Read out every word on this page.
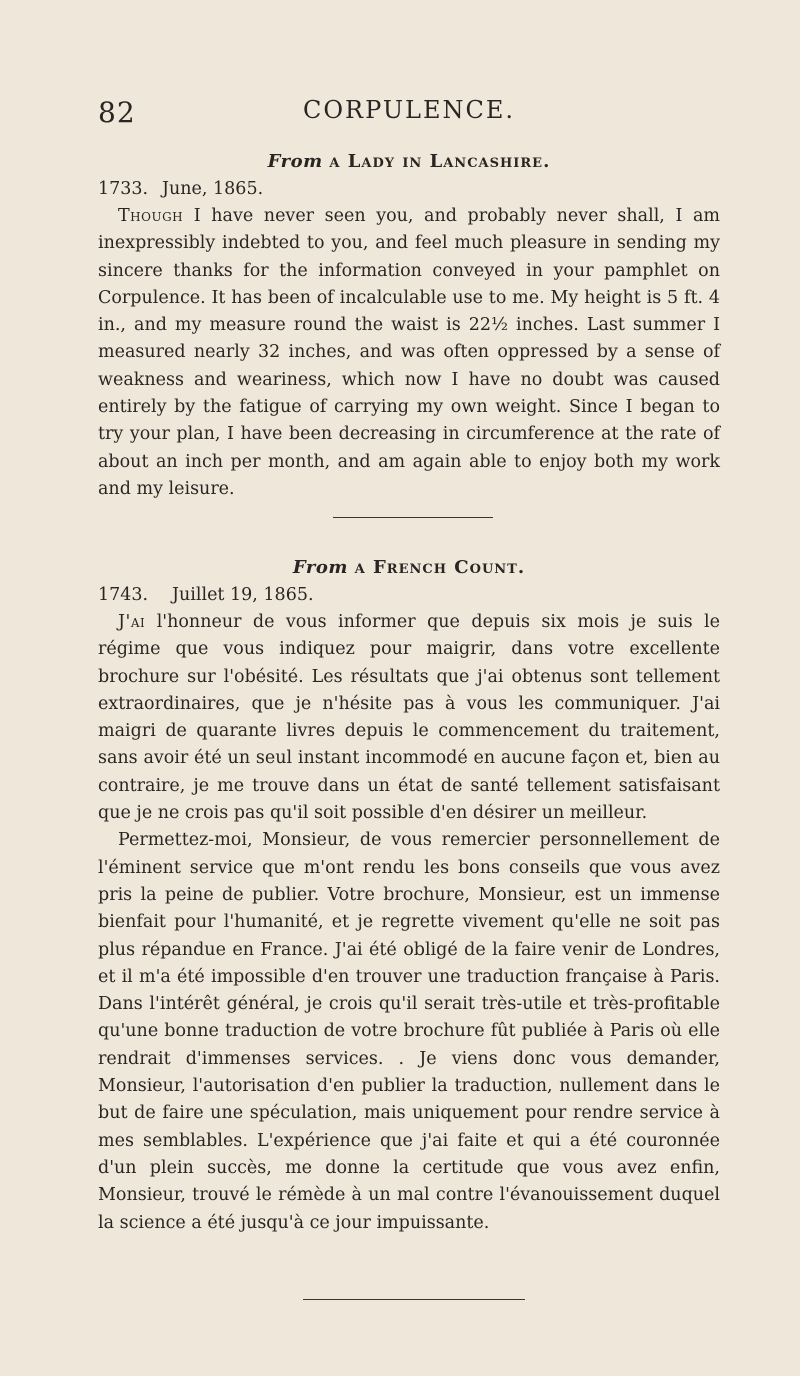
82	CORPULENCE.
From a Lady in Lancashire.

1733. June, 1865.

Though I have never seen you, and probably never shall, I am inexpressibly indebted to you, and feel much pleasure in sending my sincere thanks for the information conveyed in your pamphlet on Corpulence. It has been of incalculable use to me. My height is 5 ft. 4 in., and my measure round the waist is 22½ inches. Last summer I measured nearly 32 inches, and was often oppressed by a sense of weakness and weariness, which now I have no doubt was caused entirely by the fatigue of carrying my own weight. Since I began to try your plan, I have been decreasing in circumference at the rate of about an inch per month, and am again able to enjoy both my work and my leisure.

From a French Count.

1743. Juillet 19, 1865.

J'ai l'honneur de vous informer que depuis six mois je suis le régime que vous indiquez pour maigrir, dans votre excellente brochure sur l'obésité. Les résultats que j'ai obtenus sont tellement extraordinaires, que je n'hésite pas à vous les communiquer. J'ai maigri de quarante livres depuis le commencement du traitement, sans avoir été un seul instant incommodé en aucune façon et, bien au contraire, je me trouve dans un état de santé tellement satisfaisant que je ne crois pas qu'il soit possible d'en désirer un meilleur.

Permettez-moi, Monsieur, de vous remercier personnellement de l'éminent service que m'ont rendu les bons conseils que vous avez pris la peine de publier. Votre brochure, Monsieur, est un immense bienfait pour l'humanité, et je regrette vivement qu'elle ne soit pas plus répandue en France. J'ai été obligé de la faire venir de Londres, et il m'a été impossible d'en trouver une traduction française à Paris. Dans l'intérêt général, je crois qu'il serait très-utile et très-profitable qu'une bonne traduction de votre brochure fût publiée à Paris où elle rendrait d'immenses services. . Je viens donc vous demander, Monsieur, l'autorisation d'en publier la traduction, nullement dans le but de faire une spéculation, mais uniquement pour rendre service à mes semblables. L'expérience que j'ai faite et qui a été couronnée d'un plein succès, me donne la certitude que vous avez enfin, Monsieur, trouvé le rémède à un mal contre l'évanouissement duquel la science a été jusqu'à ce jour impuissante.
